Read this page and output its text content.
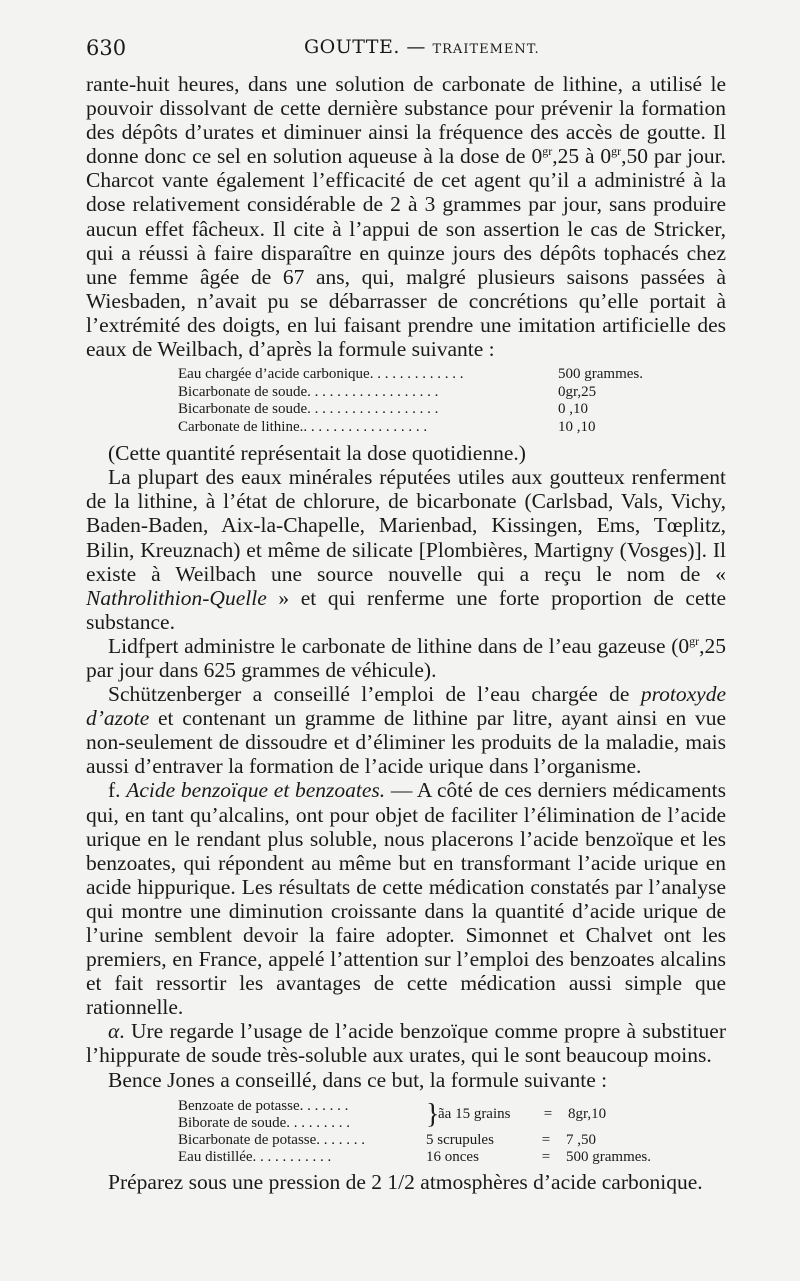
630	GOUTTE. — TRAITEMENT.

rante-huit heures, dans une solution de carbonate de lithine, a utilisé le pouvoir dissolvant de cette dernière substance pour prévenir la formation des dépôts d’urates et diminuer ainsi la fréquence des accès de goutte. Il donne donc ce sel en solution aqueuse à la dose de $0^{gr},25$ à $0^{gr},50$ par jour. Charcot vante également l’efficacité de cet agent qu’il a administré à la dose relativement considérable de 2 à 3 grammes par jour, sans produire aucun effet fâcheux. Il cite à l’appui de son assertion le cas de Stricker, qui a réussi à faire disparaître en quinze jours des dépôts tophacés chez une femme âgée de 67 ans, qui, malgré plusieurs saisons passées à Wiesbaden, n’avait pu se débarrasser de concrétions qu’elle portait à l’extrémité des doigts, en lui faisant prendre une imitation artificielle des eaux de Weilbach, d’après la formule suivante :

Eau chargée d’acide carbonique. . . . . . . . . . . . .	500 grammes.
Bicarbonate de soude. . . . . . . . . . . . . . . . . .	0gr,25
Bicarbonate de soude. . . . . . . . . . . . . . . . . .	0 ,10
Carbonate de lithine.. . . . . . . . . . . . . . . . .	10 ,10

(Cette quantité représentait la dose quotidienne.)

La plupart des eaux minérales réputées utiles aux goutteux renferment de la lithine, à l’état de chlorure, de bicarbonate (Carlsbad, Vals, Vichy, Baden-Baden, Aix-la-Chapelle, Marienbad, Kissingen, Ems, Tœplitz, Bilin, Kreuznach) et même de silicate [Plombières, Martigny (Vosges)]. Il existe à Weilbach une source nouvelle qui a reçu le nom de « Nathrolithion-Quelle » et qui renferme une forte proportion de cette substance.

Lidfpert administre le carbonate de lithine dans de l’eau gazeuse ($0^{gr},25$ par jour dans 625 grammes de véhicule).

Schützenberger a conseillé l’emploi de l’eau chargée de protoxyde d’azote et contenant un gramme de lithine par litre, ayant ainsi en vue non-seulement de dissoudre et d’éliminer les produits de la maladie, mais aussi d’entraver la formation de l’acide urique dans l’organisme.

f. Acide benzoïque et benzoates. — A côté de ces derniers médicaments qui, en tant qu’alcalins, ont pour objet de faciliter l’élimination de l’acide urique en le rendant plus soluble, nous placerons l’acide benzoïque et les benzoates, qui répondent au même but en transformant l’acide urique en acide hippurique. Les résultats de cette médication constatés par l’analyse qui montre une diminution croissante dans la quantité d’acide urique de l’urine semblent devoir la faire adopter. Simonnet et Chalvet ont les premiers, en France, appelé l’attention sur l’emploi des benzoates alcalins et fait ressortir les avantages de cette médication aussi simple que rationnelle.

α. Ure regarde l’usage de l’acide benzoïque comme propre à substituer l’hippurate de soude très-soluble aux urates, qui le sont beaucoup moins.

Bence Jones a conseillé, dans ce but, la formule suivante :

Benzoate de potasse. . . . . . .
Biborate de soude. . . . . . . . .	}
ãa 15 grains	=	8gr,10
Bicarbonate de potasse. . . . . . .	5 scrupules	=	7 ,50
Eau distillée. . . . . . . . . . .	16 onces	=	500 grammes.

Préparez sous une pression de 2 1/2 atmosphères d’acide carbonique.
